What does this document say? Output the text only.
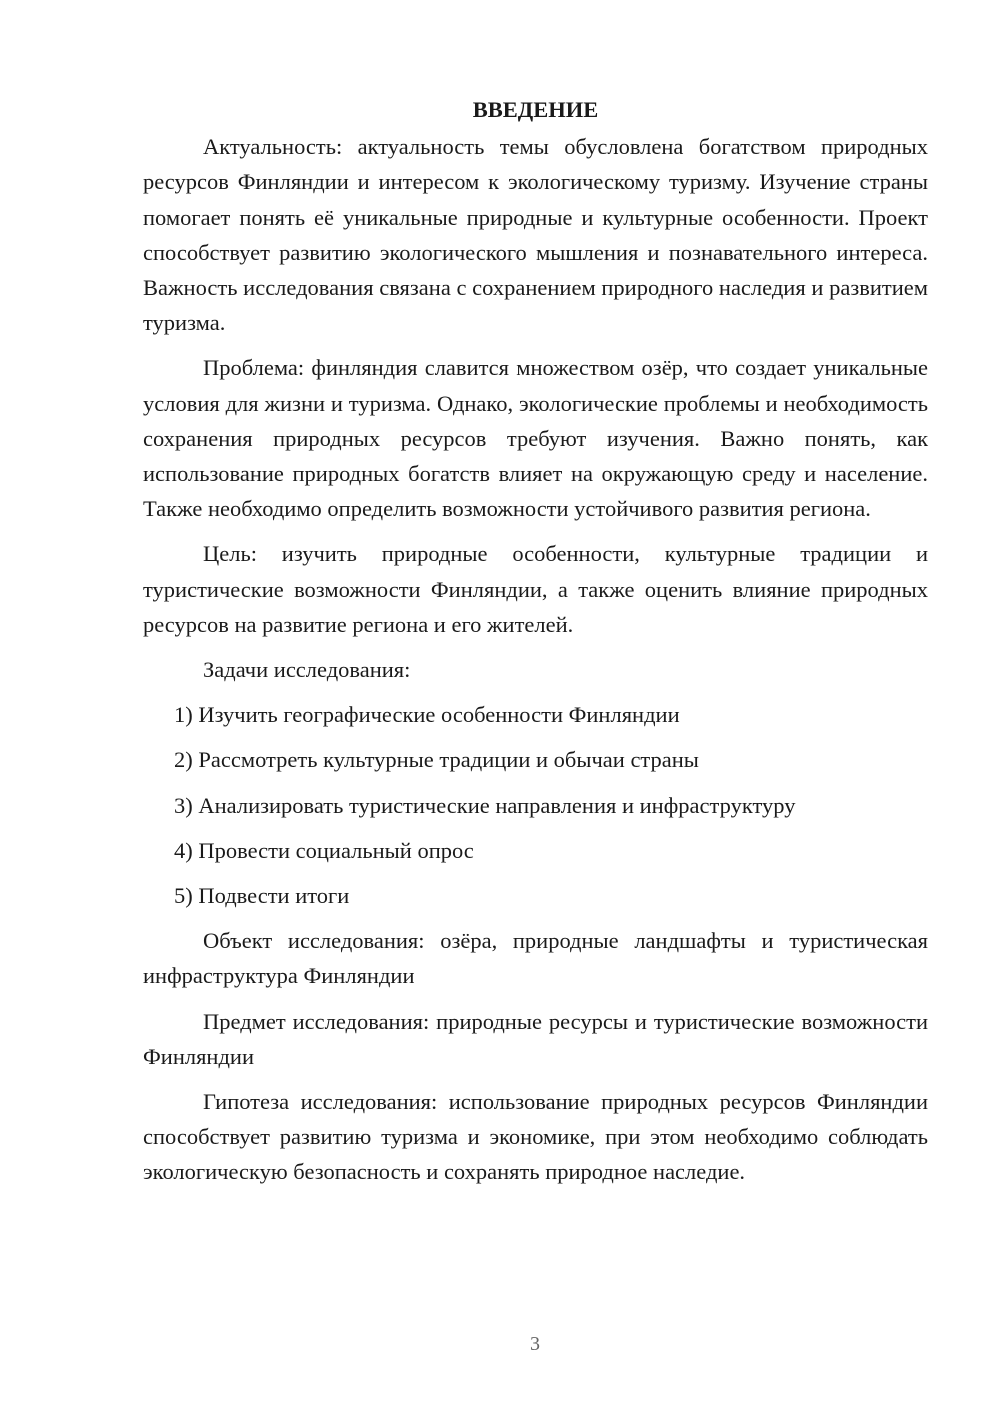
ВВЕДЕНИЕ

Актуальность: актуальность темы обусловлена богатством природных ресурсов Финляндии и интересом к экологическому туризму. Изучение страны помогает понять её уникальные природные и культурные особенности. Проект способствует развитию экологического мышления и познавательного интереса. Важность исследования связана с сохранением природного наследия и развитием туризма.

Проблема: финляндия славится множеством озёр, что создает уникальные условия для жизни и туризма. Однако, экологические проблемы и необходимость сохранения природных ресурсов требуют изучения. Важно понять, как использование природных богатств влияет на окружающую среду и население. Также необходимо определить возможности устойчивого развития региона.

Цель: изучить природные особенности, культурные традиции и туристические возможности Финляндии, а также оценить влияние природных ресурсов на развитие региона и его жителей.

Задачи исследования:

1) Изучить географические особенности Финляндии

2) Рассмотреть культурные традиции и обычаи страны

3) Анализировать туристические направления и инфраструктуру

4) Провести социальный опрос

5) Подвести итоги

Объект исследования: озёра, природные ландшафты и туристическая инфраструктура Финляндии

Предмет исследования: природные ресурсы и туристические возможности Финляндии

Гипотеза исследования: использование природных ресурсов Финляндии способствует развитию туризма и экономике, при этом необходимо соблюдать экологическую безопасность и сохранять природное наследие.

3
